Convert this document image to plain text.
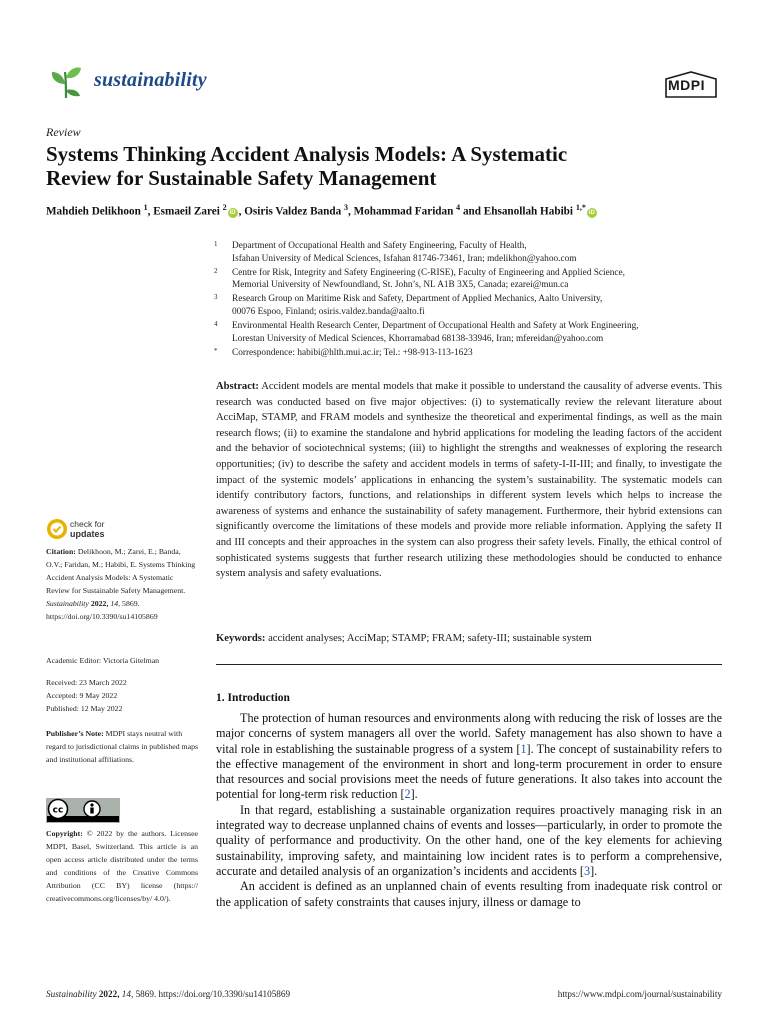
sustainability	MDPI
Review
Systems Thinking Accident Analysis Models: A Systematic
Review for Sustainable Safety Management
Mahdieh Delikhoon $^1$, Esmaeil Zarei $^2$iD , Osiris Valdez Banda $^3$, Mohammad Faridan $^4$ and Ehsanollah Habibi $^{1,*}$iD
1 Department of Occupational Health and Safety Engineering, Faculty of Health,
Isfahan University of Medical Sciences, Isfahan 81746-73461, Iran; mdelikhon@yahoo.com
2 Centre for Risk, Integrity and Safety Engineering (C-RISE), Faculty of Engineering and Applied Science,
Memorial University of Newfoundland, St. John’s, NL A1B 3X5, Canada; ezarei@mun.ca
3 Research Group on Maritime Risk and Safety, Department of Applied Mechanics, Aalto University,
00076 Espoo, Finland; osiris.valdez.banda@aalto.fi
4 Environmental Health Research Center, Department of Occupational Health and Safety at Work Engineering,
Lorestan University of Medical Sciences, Khorramabad 68138-33946, Iran; mfereidan@yahoo.com
* Correspondence: habibi@hlth.mui.ac.ir; Tel.: +98-913-113-1623
Abstract: Accident models are mental models that make it possible to understand the causality of adverse events. This research was conducted based on five major objectives: (i) to systematically review the relevant literature about AcciMap, STAMP, and FRAM models and synthesize the theoretical and experimental findings, as well as the main research flows; (ii) to examine the standalone and hybrid applications for modeling the leading factors of the accident and the behavior of sociotechnical systems; (iii) to highlight the strengths and weaknesses of exploring the research opportunities; (iv) to describe the safety and accident models in terms of safety-I-II-III; and finally, to investigate the impact of the systemic models’ applications in enhancing the system’s sustainability. The systematic models can identify contributory factors, functions, and relationships in different system levels which helps to increase the awareness of systems and enhance the sustainability of safety management. Furthermore, their hybrid extensions can significantly overcome the limitations of these models and provide more reliable information. Applying the safety II and III concepts and their approaches in the system can also progress their safety levels. Finally, the ethical control of sophisticated systems suggests that further research utilizing these methodologies should be conducted to enhance system analysis and safety evaluations.
Keywords: accident analyses; AcciMap; STAMP; FRAM; safety-III; sustainable system
1. Introduction

The protection of human resources and environments along with reducing the risk of losses are the major concerns of system managers all over the world. Safety management has also shown to have a vital role in establishing the sustainable progress of a system [1]. The concept of sustainability refers to the effective management of the environment in short and long-term procurement in order to ensure that resources and social provisions meet the needs of future generations. It also takes into account the potential for long-term risk reduction [2].

In that regard, establishing a sustainable organization requires proactively managing risk in an integrated way to decrease unplanned chains of events and losses—particularly, in order to promote the quality of performance and productivity. On the other hand, one of the key elements for achieving sustainability, improving safety, and maintaining low incident rates is to perform a comprehensive, accurate and detailed analysis of an organization’s incidents and accidents [3].

An accident is defined as an unplanned chain of events resulting from inadequate risk control or the application of safety constraints that causes injury, illness or damage to

check for
updates
Citation: Delikhoon, M.; Zarei, E.; Banda, O.V.; Faridan, M.; Habibi, E. Systems Thinking Accident Analysis Models: A Systematic Review for Sustainable Safety Management. Sustainability 2022, 14, 5869. https://doi.org/10.3390/su14105869
Academic Editor: Victoria Gitelman
Received: 23 March 2022
Accepted: 9 May 2022
Published: 12 May 2022
Publisher’s Note: MDPI stays neutral with regard to jurisdictional claims in published maps and institutional affiliations.
cc
Copyright: © 2022 by the authors. Licensee MDPI, Basel, Switzerland. This article is an open access article distributed under the terms and conditions of the Creative Commons Attribution (CC BY) license (https:// creativecommons.org/licenses/by/ 4.0/).
Sustainability 2022, 14, 5869. https://doi.org/10.3390/su14105869	https://www.mdpi.com/journal/sustainability
